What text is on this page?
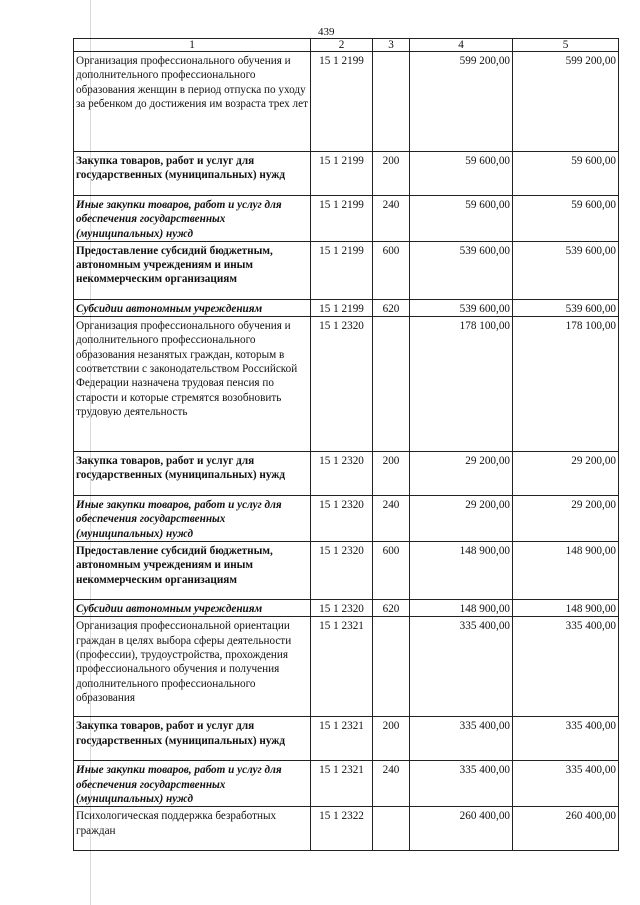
439
1	2	3	4	5
Организация профессионального обучения и дополнительного профессионального образования женщин в период отпуска по уходу за ребенком до достижения им возраста трех лет	15 1 2199		599 200,00	599 200,00
Закупка товаров, работ и услуг для государственных (муниципальных) нужд	15 1 2199	200	59 600,00	59 600,00
Иные закупки товаров, работ и услуг для обеспечения государственных (муниципальных) нужд	15 1 2199	240	59 600,00	59 600,00
Предоставление субсидий бюджетным, автономным учреждениям и иным некоммерческим организациям	15 1 2199	600	539 600,00	539 600,00
Субсидии автономным учреждениям	15 1 2199	620	539 600,00	539 600,00
Организация профессионального обучения и дополнительного профессионального образования незанятых граждан, которым в соответствии с законодательством Российской Федерации назначена трудовая пенсия по старости и которые стремятся возобновить трудовую деятельность	15 1 2320		178 100,00	178 100,00
Закупка товаров, работ и услуг для государственных (муниципальных) нужд	15 1 2320	200	29 200,00	29 200,00
Иные закупки товаров, работ и услуг для обеспечения государственных (муниципальных) нужд	15 1 2320	240	29 200,00	29 200,00
Предоставление субсидий бюджетным, автономным учреждениям и иным некоммерческим организациям	15 1 2320	600	148 900,00	148 900,00
Субсидии автономным учреждениям	15 1 2320	620	148 900,00	148 900,00
Организация профессиональной ориентации граждан в целях выбора сферы деятельности (профессии), трудоустройства, прохождения профессионального обучения и получения дополнительного профессионального образования	15 1 2321		335 400,00	335 400,00
Закупка товаров, работ и услуг для государственных (муниципальных) нужд	15 1 2321	200	335 400,00	335 400,00
Иные закупки товаров, работ и услуг для обеспечения государственных (муниципальных) нужд	15 1 2321	240	335 400,00	335 400,00
Психологическая поддержка безработных граждан	15 1 2322		260 400,00	260 400,00
